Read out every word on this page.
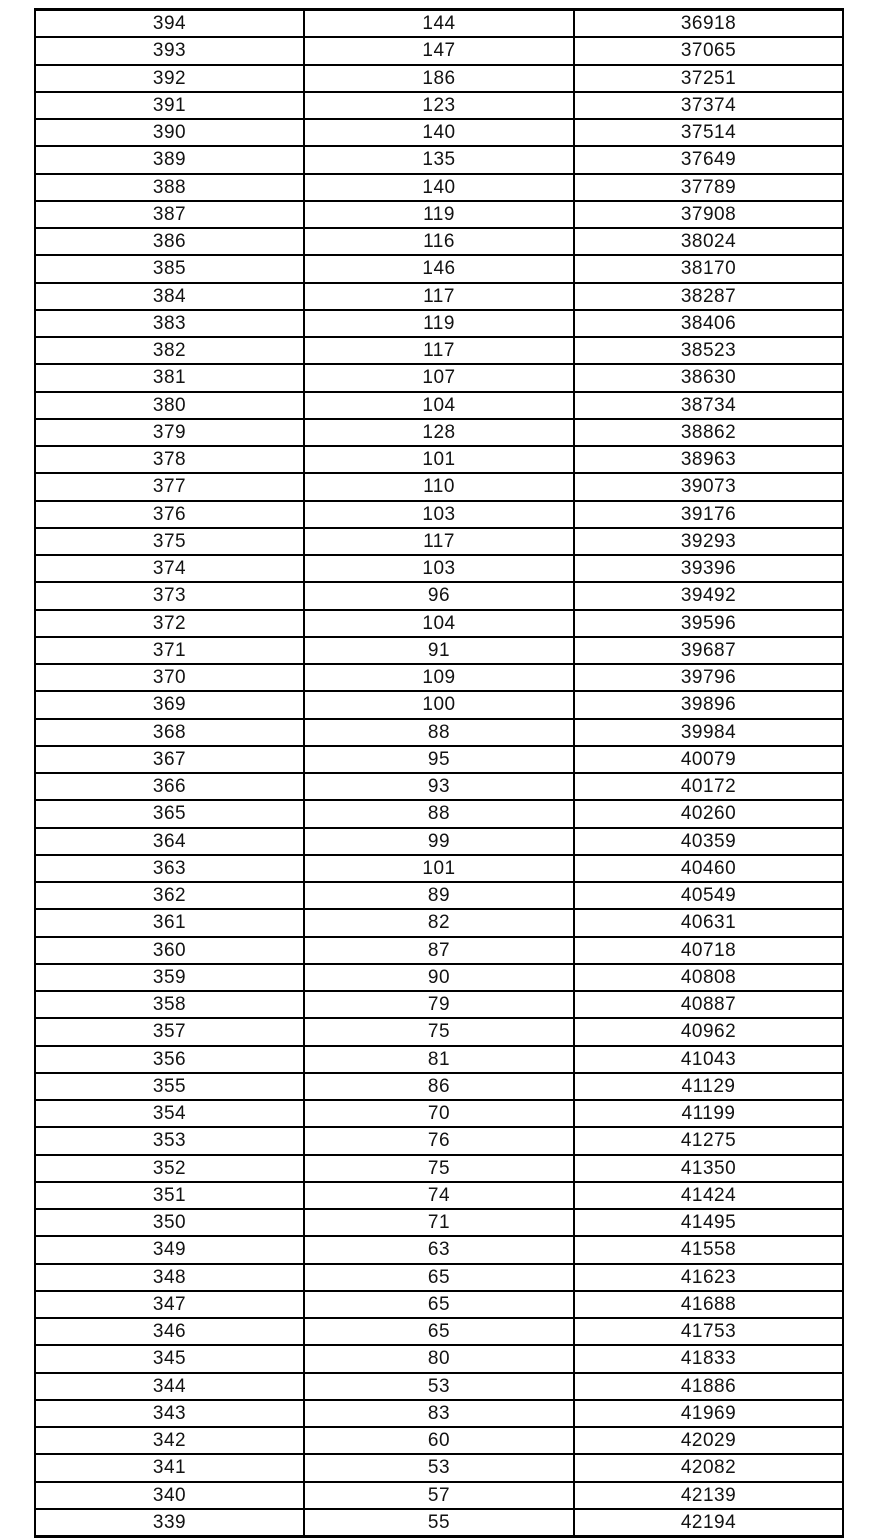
394	144	36918
393	147	37065
392	186	37251
391	123	37374
390	140	37514
389	135	37649
388	140	37789
387	119	37908
386	116	38024
385	146	38170
384	117	38287
383	119	38406
382	117	38523
381	107	38630
380	104	38734
379	128	38862
378	101	38963
377	110	39073
376	103	39176
375	117	39293
374	103	39396
373	96	39492
372	104	39596
371	91	39687
370	109	39796
369	100	39896
368	88	39984
367	95	40079
366	93	40172
365	88	40260
364	99	40359
363	101	40460
362	89	40549
361	82	40631
360	87	40718
359	90	40808
358	79	40887
357	75	40962
356	81	41043
355	86	41129
354	70	41199
353	76	41275
352	75	41350
351	74	41424
350	71	41495
349	63	41558
348	65	41623
347	65	41688
346	65	41753
345	80	41833
344	53	41886
343	83	41969
342	60	42029
341	53	42082
340	57	42139
339	55	42194
